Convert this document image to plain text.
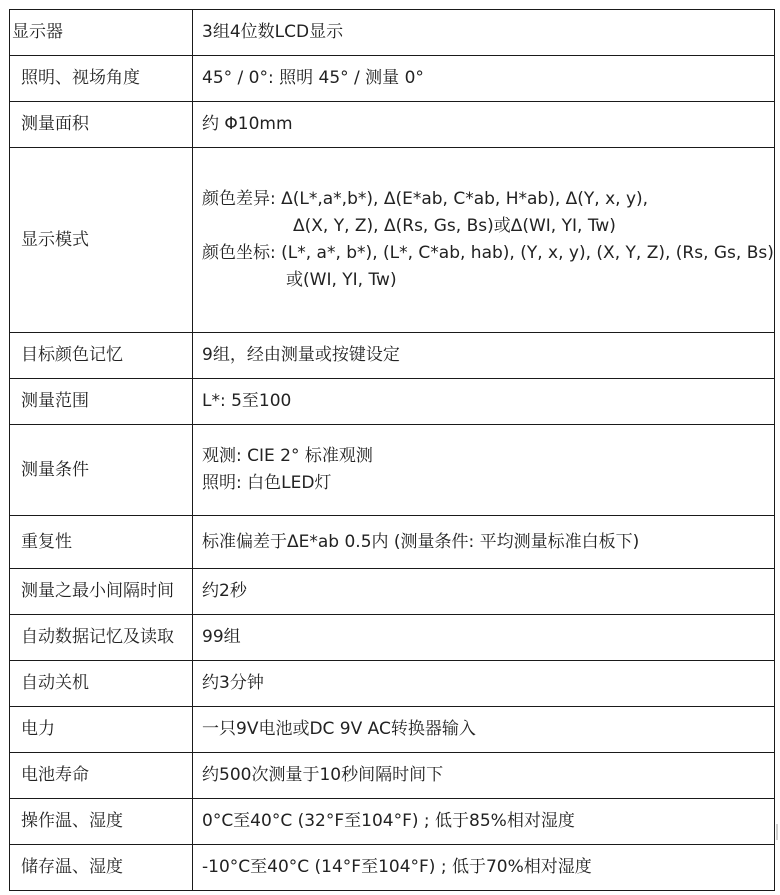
显示器	3组4位数LCD显示
照明、视场角度	45° / 0°: 照明 45° / 测量 0°
测量面积	约 Φ10mm
显示模式	颜色差异: Δ(L*,a*,b*), Δ(E*ab, C*ab, H*ab), Δ(Y, x, y),
Δ(X, Y, Z), Δ(Rs, Gs, Bs)或Δ(WI, YI, Tw)
颜色坐标: (L*, a*, b*), (L*, C*ab, hab), (Y, x, y), (X, Y, Z), (Rs, Gs, Bs)
或(WI, YI, Tw)

目标颜色记忆	9组，经由测量或按键设定
测量范围	L*: 5至100
测量条件	观测: CIE 2° 标准观测
照明: 白色LED灯

重复性	标准偏差于ΔE*ab 0.5内 (测量条件: 平均测量标准白板下)
测量之最小间隔时间	约2秒
自动数据记忆及读取	99组
自动关机	约3分钟
电力	一只9V电池或DC 9V AC转换器输入
电池寿命	约500次测量于10秒间隔时间下
操作温、湿度	0°C至40°C (32°F至104°F) ; 低于85%相对湿度
储存温、湿度	-10°C至40°C (14°F至104°F) ; 低于70%相对湿度
